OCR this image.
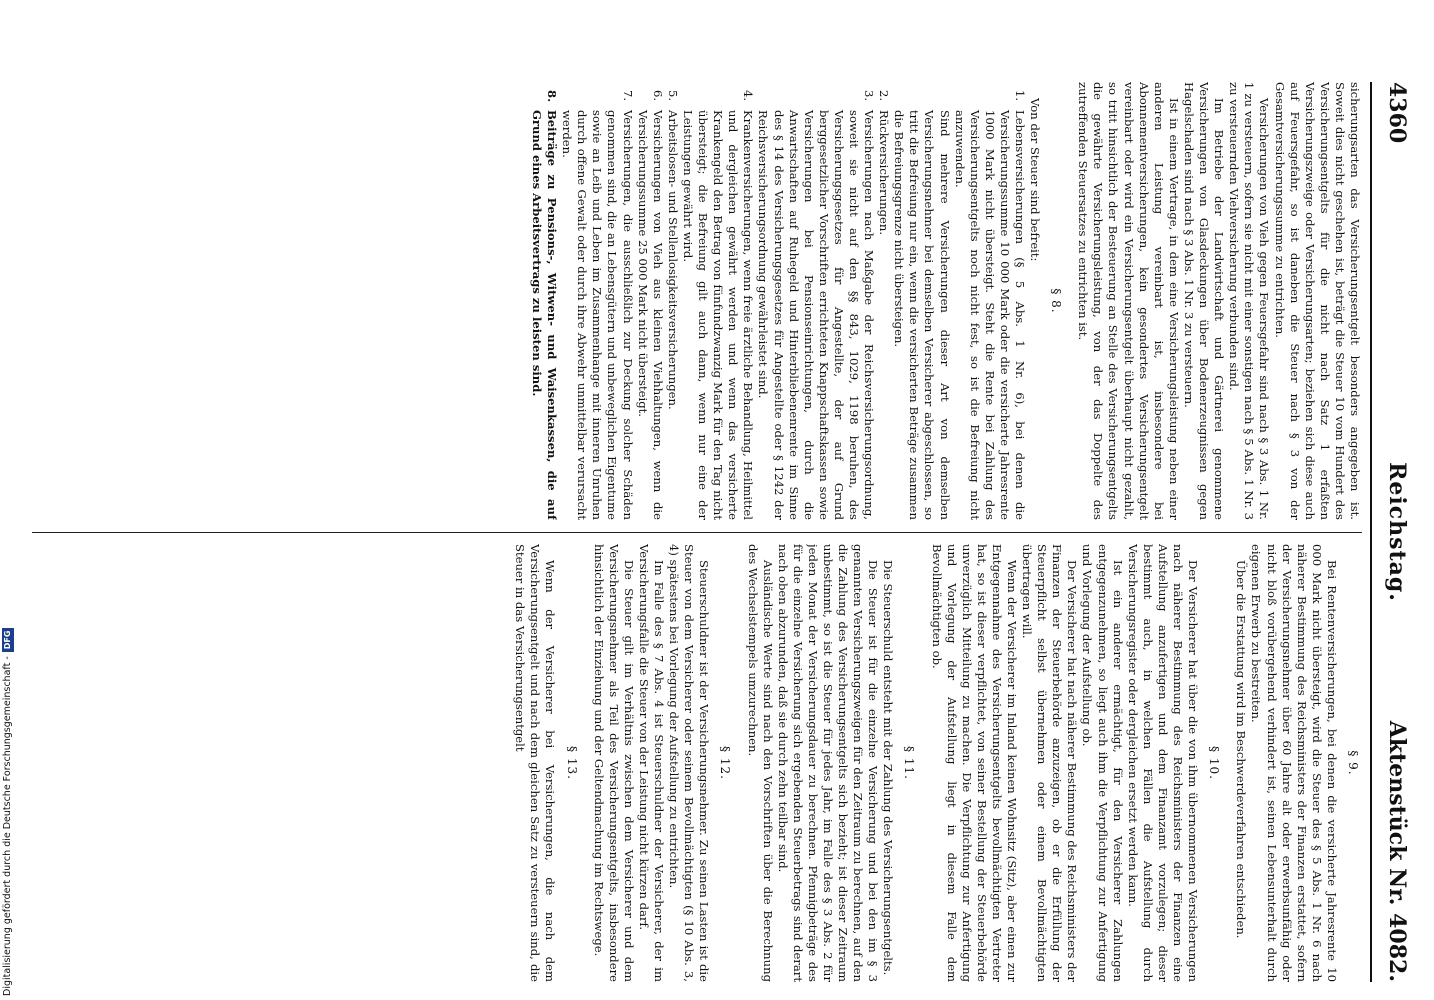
4360
Reichstag.
Aktenstück Nr. 4082.

sicherungsarten das Versicherungsentgelt besonders angegeben ist. Soweit dies nicht geschehen ist, beträgt die Steuer 10 vom Hundert des Versicherungsentgelts für die nicht nach Satz 1 erfaßten Versicherungszweige oder Versicherungsarten; beziehen sich diese auch auf Feuersgefahr, so ist daneben die Steuer nach § 3 von der Gesamtversicherungssumme zu entrichten.

Versicherungen von Vieh gegen Feuersgefahr sind nach § 3 Abs. 1 Nr. 1 zu versteuern, sofern sie nicht mit einer sonstigen nach § 5 Abs. 1 Nr. 3 zu versteuernden Viehversicherung verbunden sind.

Im Betriebe der Landwirtschaft und Gärtnerei genommene Versicherungen von Glasdeckungen über Bodenerzeugnissen gegen Hagelschaden sind nach § 3 Abs. 1 Nr. 3 zu versteuern.

Ist in einem Vertrage, in dem eine Versicherungsleistung neben einer anderen Leistung vereinbart ist, insbesondere bei Abonnementversicherungen, kein gesondertes Versicherungsentgelt vereinbart oder wird ein Versicherungsentgelt überhaupt nicht gezahlt, so tritt hinsichtlich der Besteuerung an Stelle des Versicherungsentgelts die gewährte Versicherungsleistung, von der das Doppelte des zutreffenden Steuersatzes zu entrichten ist.

§ 8.

Von der Steuer sind befreit:

1.Lebensversicherungen (§ 5 Abs. 1 Nr. 6), bei denen die Versicherungssumme 10 000 Mark oder die versicherte Jahresrente 1000 Mark nicht übersteigt. Steht die Rente bei Zahlung des Versicherungsentgelts noch nicht fest, so ist die Befreiung nicht anzuwenden.

Sind mehrere Versicherungen dieser Art von demselben Versicherungsnehmer bei demselben Versicherer abgeschlossen, so tritt die Befreiung nur ein, wenn die versicherten Beträge zusammen die Befreiungsgrenze nicht übersteigen.

2.Rückversicherungen.

3.Versicherungen nach Maßgabe der Reichsversicherungsordnung, soweit sie nicht auf den §§ 843, 1029, 1198 beruhen, des Versicherungsgesetzes für Angestellte, der auf Grund berggesetzlicher Vorschriften errichteten Knappschaftskassen sowie Versicherungen bei Pensionseinrichtungen, durch die Anwartschaften auf Ruhegeld und Hinterbliebenenrente im Sinne des § 14 des Versicherungsgesetzes für Angestellte oder § 1242 der Reichsversicherungsordnung gewährleistet sind.

4.Krankenversicherungen, wenn freie ärztliche Behandlung, Heilmittel und dergleichen gewährt werden und wenn das versicherte Krankengeld den Betrag von fünfundzwanzig Mark für den Tag nicht übersteigt; die Befreiung gilt auch dann, wenn nur eine der Leistungen gewährt wird.

5.Arbeitslosen- und Stellenlosigkeitsversicherungen.

6.Versicherungen von Vieh aus kleinen Viehhaltungen, wenn die Versicherungssumme 25 000 Mark nicht übersteigt.

7.Versicherungen, die ausschließlich zur Deckung solcher Schäden genommen sind, die an Lebensgütern und unbeweglichen Eigentume sowie an Leib und Leben im Zusammenhange mit inneren Unruhen durch offene Gewalt oder durch ihre Abwehr unmittelbar verursacht werden.

8.Beiträge zu Pensions-, Witwen- und Waisenkassen, die auf Grund eines Arbeitsvertrags zu leisten sind.

§ 9.

Bei Rentenversicherungen, bei denen die versicherte Jahresrente 10 000 Mark nicht übersteigt, wird die Steuer des § 5 Abs. 1 Nr. 6 nach näherer Bestimmung des Reichsministers der Finanzen erstattet, sofern der Versicherungsnehmer über 60 Jahre alt oder erwerbsunfähig oder nicht bloß vorübergehend verhindert ist, seinen Lebensunterhalt durch eigenen Erwerb zu bestreiten.

Über die Erstattung wird im Beschwerdeverfahren entschieden.

§ 10.

Der Versicherer hat über die von ihm übernommenen Versicherungen nach näherer Bestimmung des Reichsministers der Finanzen eine Aufstellung anzufertigen und dem Finanzamt vorzulegen; dieser bestimmt auch, in welchen Fällen die Aufstellung durch Versicherungsregister oder dergleichen ersetzt werden kann.

Ist ein anderer ermächtigt, für den Versicherer Zahlungen entgegenzunehmen, so liegt auch ihm die Verpflichtung zur Anfertigung und Vorlegung der Aufstellung ob.

Der Versicherer hat nach näherer Bestimmung des Reichsministers der Finanzen der Steuerbehörde anzuzeigen, ob er die Erfüllung der Steuerpflicht selbst übernehmen oder einem Bevollmächtigten übertragen will.

Wenn der Versicherer im Inland keinen Wohnsitz (Sitz), aber einen zur Entgegennahme des Versicherungsentgelts bevollmächtigten Vertreter hat, so ist dieser verpflichtet, von seiner Bestellung der Steuerbehörde unverzüglich Mitteilung zu machen. Die Verpflichtung zur Anfertigung und Vorlegung der Aufstellung liegt in diesem Falle dem Bevollmächtigten ob.

§ 11.

Die Steuerschuld entsteht mit der Zahlung des Versicherungsentgelts.

Die Steuer ist für die einzelne Versicherung und bei den im § 3 genannten Versicherungszweigen für den Zeitraum zu berechnen, auf den die Zahlung des Versicherungsentgelts sich bezieht; ist dieser Zeitraum unbestimmt, so ist die Steuer für jedes Jahr, im Falle des § 3 Abs. 2 für jeden Monat der Versicherungsdauer zu berechnen. Pfennigbeträge des für die einzelne Versicherung sich ergebenden Steuerbetrags sind derart nach oben abzurunden, daß sie durch zehn teilbar sind.

Ausländische Werte sind nach den Vorschriften über die Berechnung des Wechselstempels umzurechnen.

§ 12.

Steuerschuldner ist der Versicherungsnehmer. Zu seinen Lasten ist die Steuer von dem Versicherer oder seinem Bevollmächtigten (§ 10 Abs. 3, 4) spätestens bei Vorlegung der Aufstellung zu entrichten.

Im Falle des § 7 Abs. 4 ist Steuerschuldner der Versicherer, der im Versicherungsfalle die Steuer von der Leistung nicht kürzen darf.

Die Steuer gilt im Verhältnis zwischen dem Versicherer und dem Versicherungsnehmer als Teil des Versicherungsentgelts, insbesondere hinsichtlich der Einziehung und der Geltendmachung im Rechtswege.

§ 13.

Wenn der Versicherer bei Versicherungen, die nach dem Versicherungsentgelt und nach dem gleichen Satz zu versteuern sind, die Steuer in das Versicherungsentgelt

Digitalisierung gefördert durch die Deutsche Forschungsgemeinschaft -DFG
